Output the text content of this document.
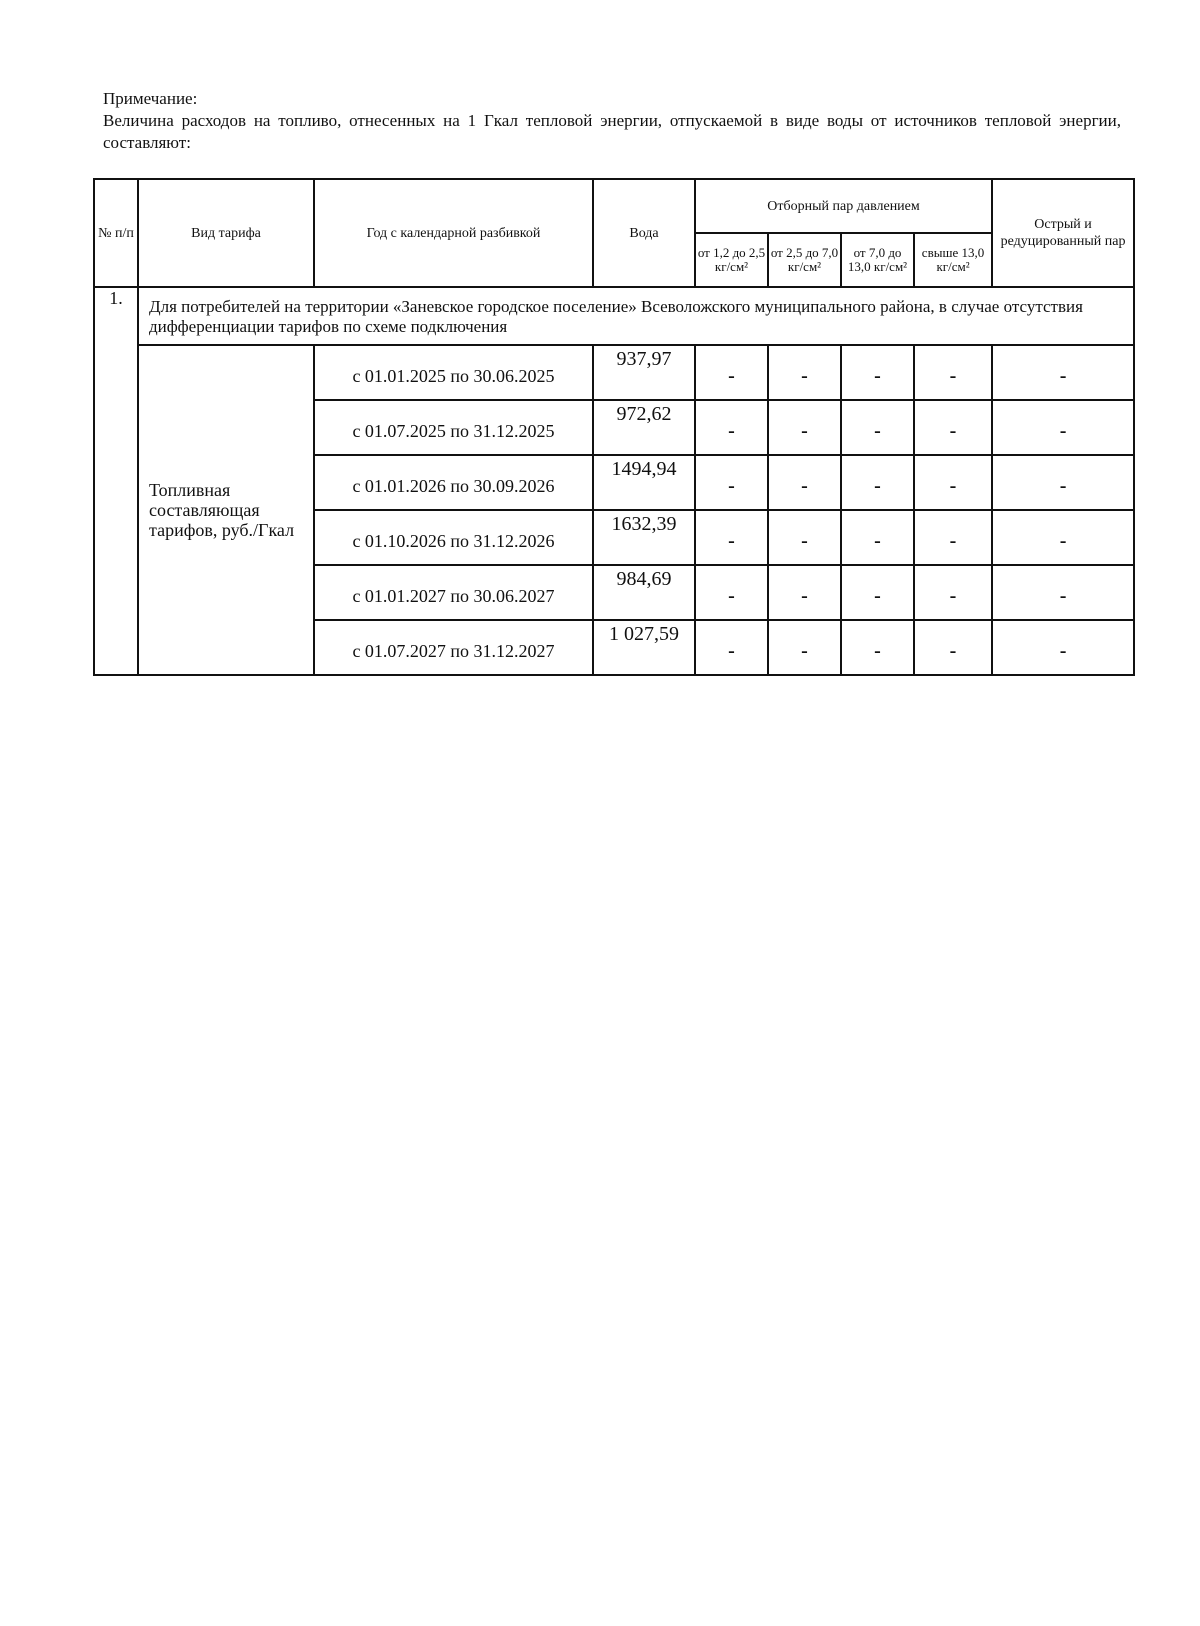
Примечание:
Величина расходов на топливо, отнесенных на 1 Гкал тепловой энергии, отпускаемой в виде воды от источников тепловой энергии, составляют:
№ п/п	Вид тарифа	Год с календарной разбивкой	Вода	Отборный пар давлением				Острый и редуцированный пар
				от 1,2 до 2,5 кг/см²	от 2,5 до 7,0 кг/см²	от 7,0 до 13,0 кг/см²	свыше 13,0 кг/см²	
1.	Для потребителей на территории «Заневское городское поселение» Всеволожского муниципального района, в случае отсутствия дифференциации тарифов по схеме подключения							
	Топливная составляющая тарифов, руб./Гкал	с 01.01.2025 по 30.06.2025	937,97	-	-	-	-	-
		с 01.07.2025 по 31.12.2025	972,62	-	-	-	-	-
		с 01.01.2026 по 30.09.2026	1494,94	-	-	-	-	-
		с 01.10.2026 по 31.12.2026	1632,39	-	-	-	-	-
		с 01.01.2027 по 30.06.2027	984,69	-	-	-	-	-
		с 01.07.2027 по 31.12.2027	1 027,59	-	-	-	-	-
